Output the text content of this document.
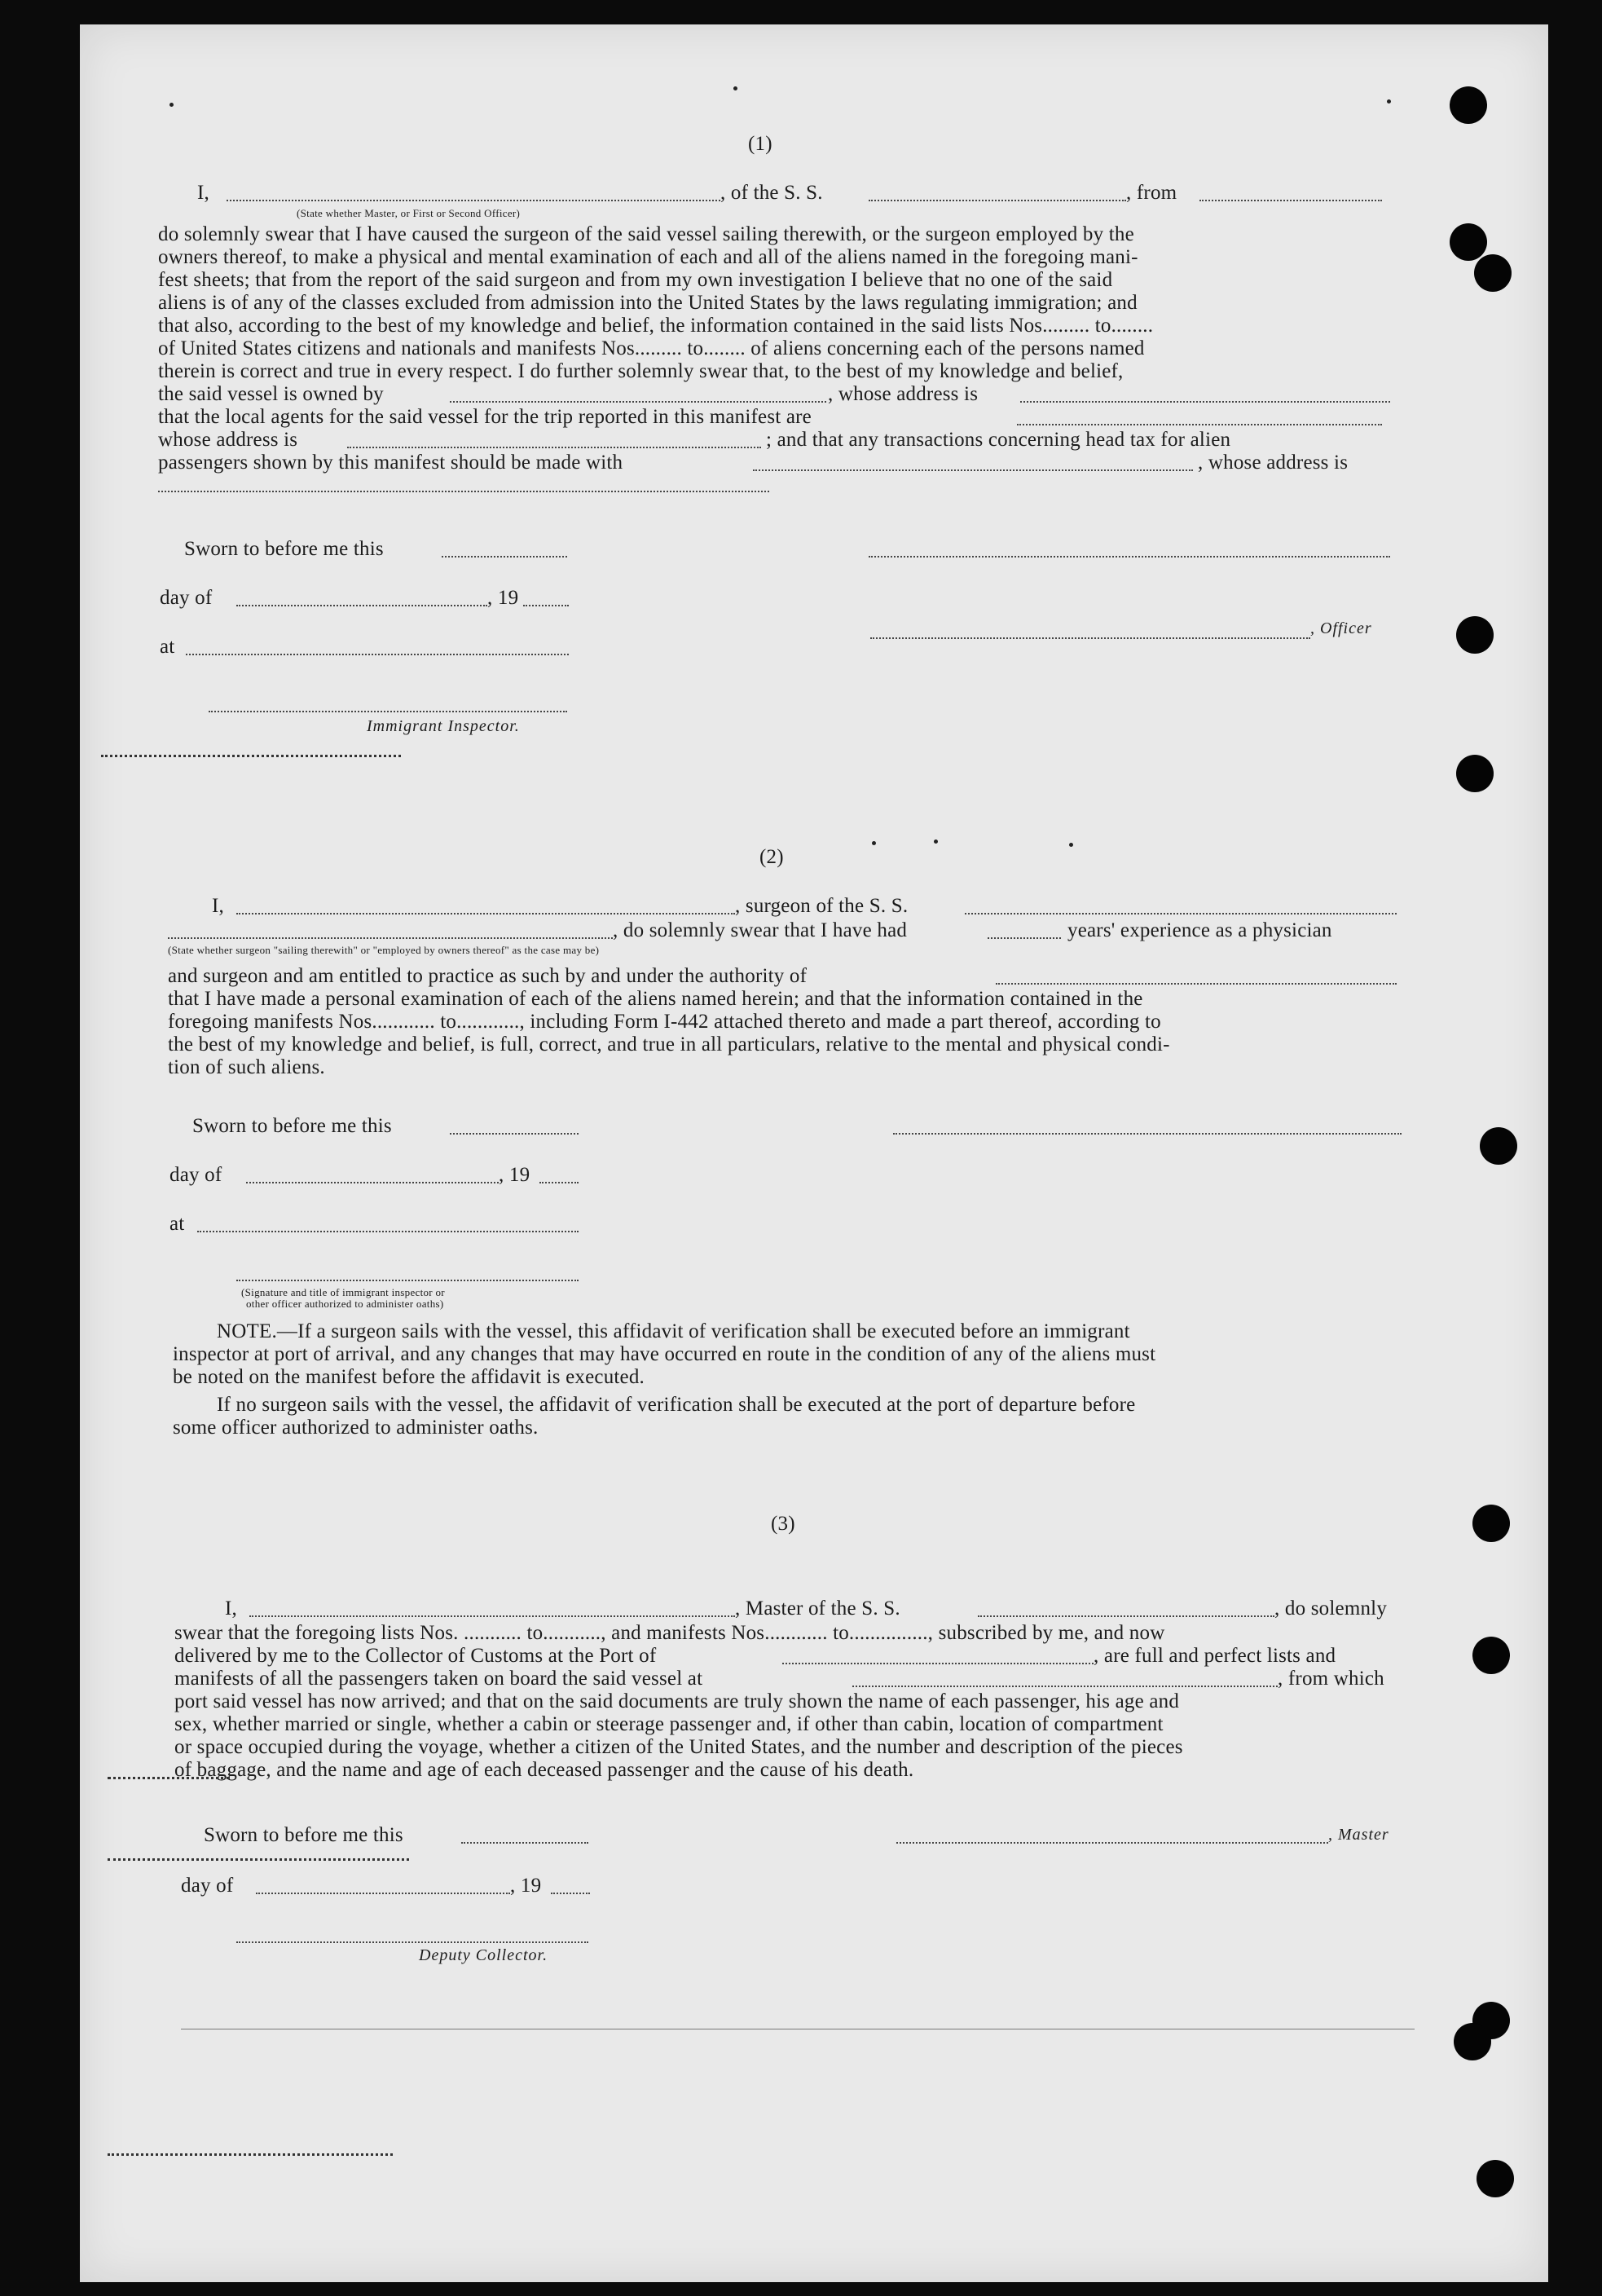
(1)
I,	, of the S. S.	, from
(State whether Master, or First or Second Officer)
do solemnly swear that I have caused the surgeon of the said vessel sailing therewith, or the surgeon employed by the
owners thereof, to make a physical and mental examination of each and all of the aliens named in the foregoing mani-
fest sheets; that from the report of the said surgeon and from my own investigation I believe that no one of the said
aliens is of any of the classes excluded from admission into the United States by the laws regulating immigration; and
that also, according to the best of my knowledge and belief, the information contained in the said lists Nos......... to........
of United States citizens and nationals and manifests Nos......... to........ of aliens concerning each of the persons named
therein is correct and true in every respect. I do further solemnly swear that, to the best of my knowledge and belief,
the said vessel is owned by	, whose address is
that the local agents for the said vessel for the trip reported in this manifest are
whose address is	; and that any transactions concerning head tax for alien
passengers shown by this manifest should be made with	, whose address is
Sworn to before me this
day of	, 19
at
, Officer
Immigrant Inspector.
(2)
I,	, surgeon of the S. S.
, do solemnly swear that I have had	years' experience as a physician
(State whether surgeon "sailing therewith" or "employed by owners thereof" as the case may be)
and surgeon and am entitled to practice as such by and under the authority of
that I have made a personal examination of each of the aliens named herein; and that the information contained in the
foregoing manifests Nos............ to............, including Form I-442 attached thereto and made a part thereof, according to
the best of my knowledge and belief, is full, correct, and true in all particulars, relative to the mental and physical condi-
tion of such aliens.
Sworn to before me this
day of	, 19
at
(Signature and title of immigrant inspector or
other officer authorized to administer oaths)
NOTE.—If a surgeon sails with the vessel, this affidavit of verification shall be executed before an immigrant
inspector at port of arrival, and any changes that may have occurred en route in the condition of any of the aliens must
be noted on the manifest before the affidavit is executed.
If no surgeon sails with the vessel, the affidavit of verification shall be executed at the port of departure before
some officer authorized to administer oaths.
(3)
I,	, Master of the S. S.	, do solemnly
swear that the foregoing lists Nos. ........... to..........., and manifests Nos............ to..............., subscribed by me, and now
delivered by me to the Collector of Customs at the Port of	, are full and perfect lists and
manifests of all the passengers taken on board the said vessel at	, from which
port said vessel has now arrived; and that on the said documents are truly shown the name of each passenger, his age and
sex, whether married or single, whether a cabin or steerage passenger and, if other than cabin, location of compartment
or space occupied during the voyage, whether a citizen of the United States, and the number and description of the pieces
of baggage, and the name and age of each deceased passenger and the cause of his death.
Sworn to before me this	, Master
day of	, 19
Deputy Collector.
